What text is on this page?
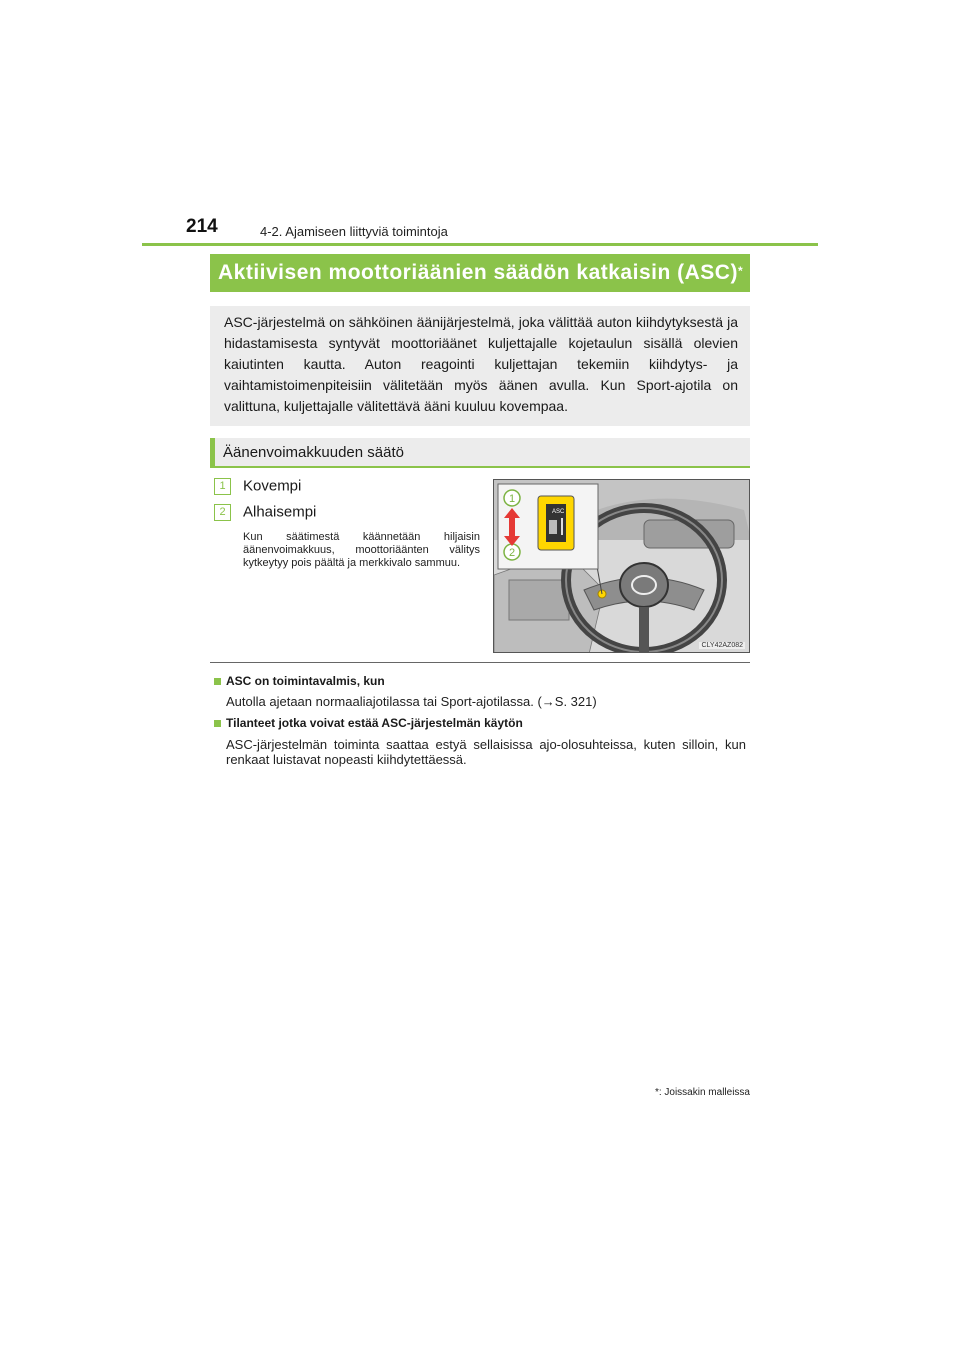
214	4-2. Ajamiseen liittyviä toimintoja
Aktiivisen moottoriäänien säädön katkaisin (ASC)*
ASC-järjestelmä on sähköinen äänijärjestelmä, joka välittää auton kiihdytyksestä ja hidastamisesta syntyvät moottoriäänet kuljettajalle kojetaulun sisällä olevien kaiutinten kautta. Auton reagointi kuljettajan tekemiin kiihdytys- ja vaihtamistoimenpiteisiin välitetään myös äänen avulla. Kun Sport-ajotila on valittuna, kuljettajalle välitettävä ääni kuuluu kovempaa.
Äänenvoimakkuuden säätö
1 Kovempi
2 Alhaisempi
Kun säätimestä käännetään hiljaisin äänenvoimakkuus, moottoriäänten välitys kytkeytyy pois päältä ja merkkivalo sammuu.
1
2
ASC
CLY42AZ082
ASC on toimintavalmis, kun
Autolla ajetaan normaaliajotilassa tai Sport-ajotilassa. (→S. 321)
Tilanteet jotka voivat estää ASC-järjestelmän käytön
ASC-järjestelmän toiminta saattaa estyä sellaisissa ajo-olosuhteissa, kuten silloin, kun renkaat luistavat nopeasti kiihdytettäessä.
*: Joissakin malleissa
